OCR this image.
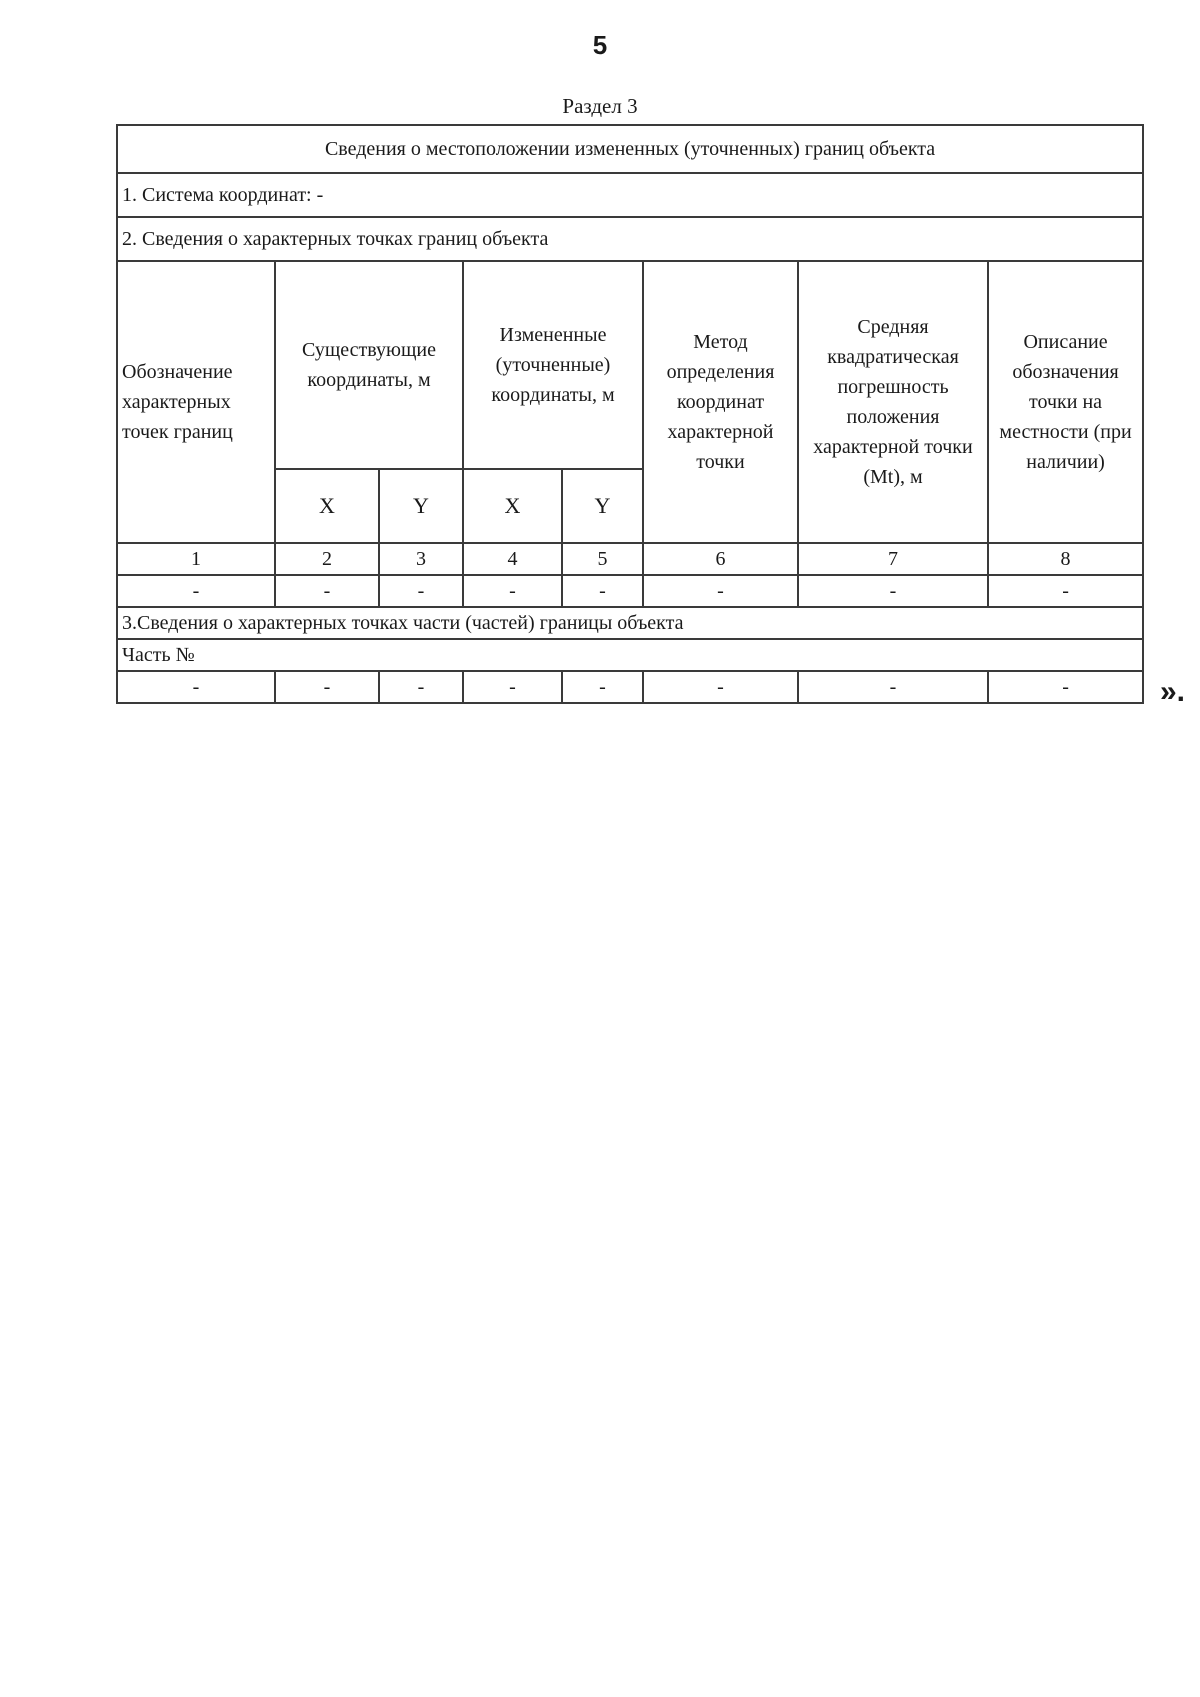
5
Раздел 3
Сведения о местоположении измененных (уточненных) границ объекта							
1. Система координат: -							
2. Сведения о характерных точках границ объекта							
Обозначение характерных точек границ	Существующие координаты, м		Измененные (уточненные) координаты, м		Метод определения координат характерной точки	Средняя квадратическая погрешность положения характерной точки (Mt), м	Описание обозначения точки на местности (при наличии)
	X	Y	X	Y			
1	2	3	4	5	6	7	8
-	-	-	-	-	-	-	-
3.Сведения о характерных точках части (частей) границы объекта							
Часть №							
-	-	-	-	-	-	-	-	».
